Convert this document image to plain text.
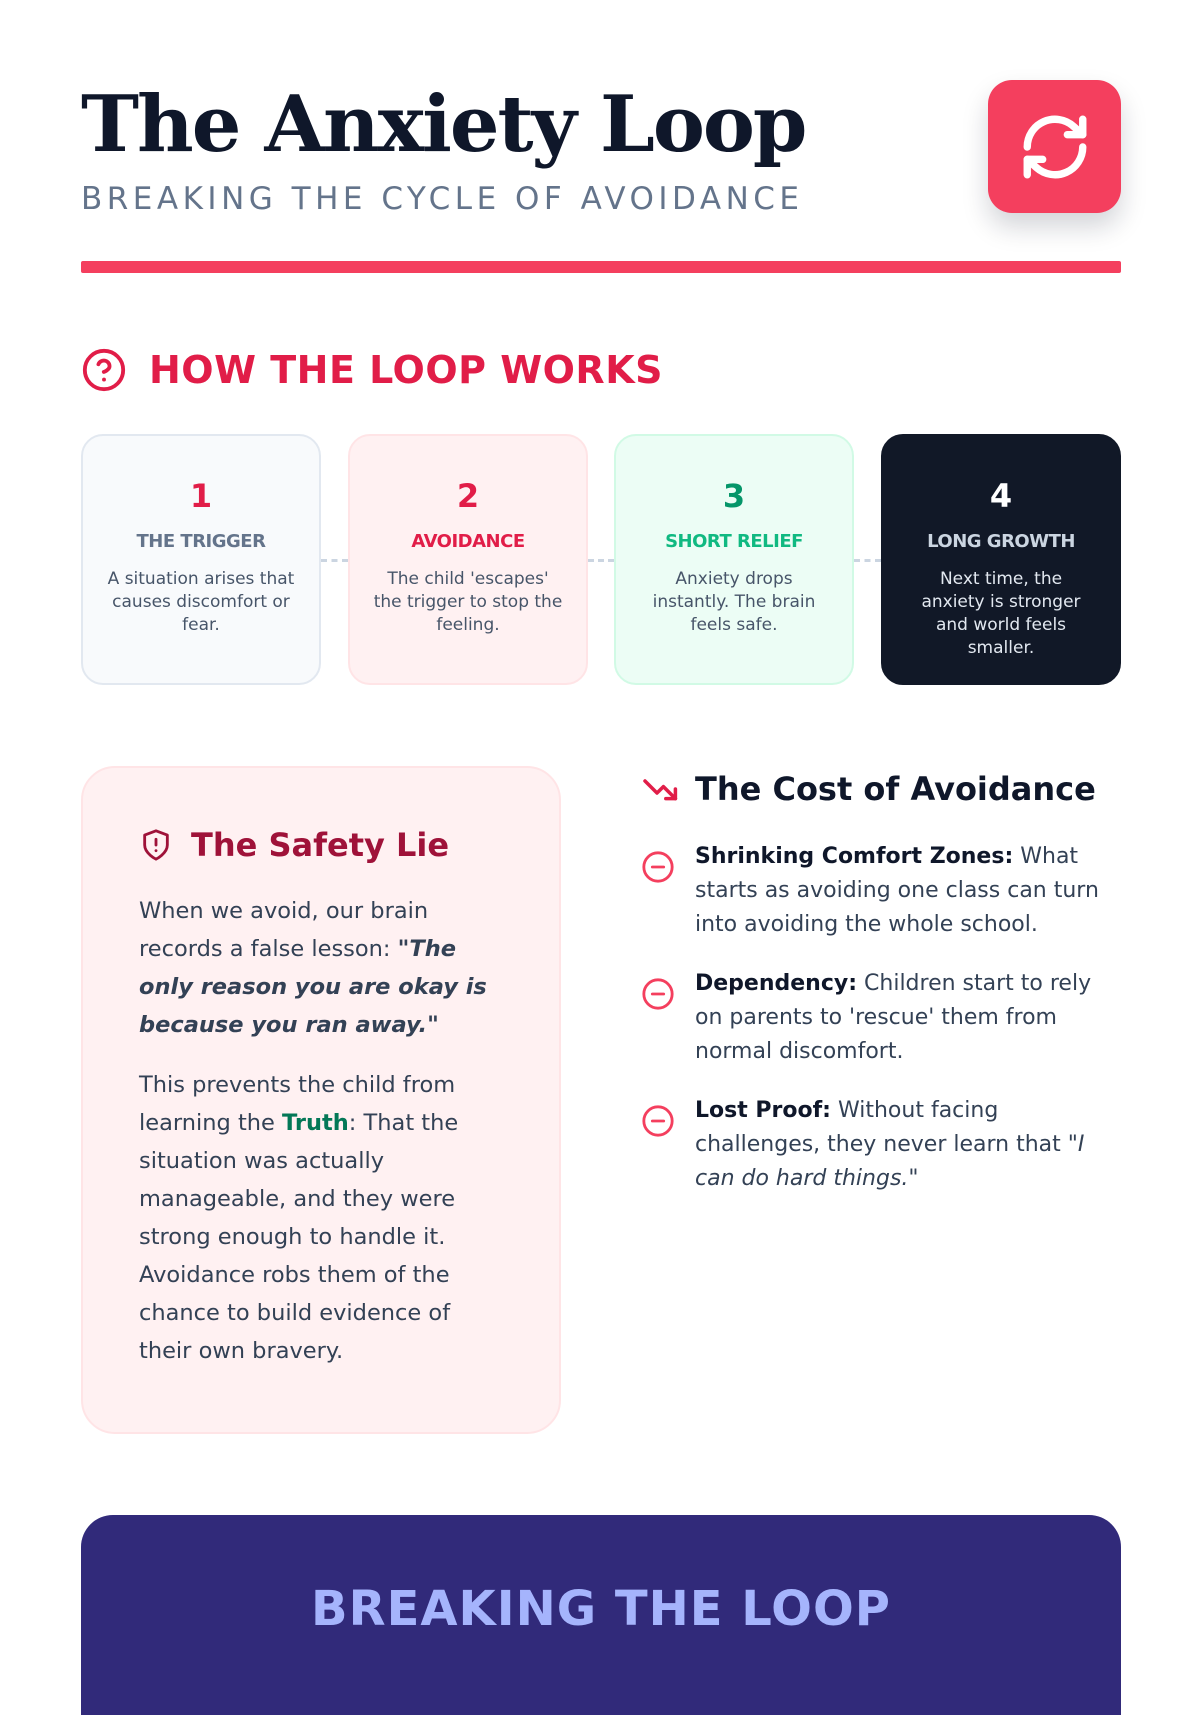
The Anxiety Loop
BREAKING THE CYCLE OF AVOIDANCE
HOW THE LOOP WORKS
1
THE TRIGGER
A situation arises that causes discomfort or fear.
2
AVOIDANCE
The child 'escapes' the trigger to stop the feeling.
3
SHORT RELIEF
Anxiety drops instantly. The brain feels safe.
4
LONG GROWTH
Next time, the anxiety is stronger and world feels smaller.
The Safety Lie

When we avoid, our brain records a false lesson: "The only reason you are okay is because you ran away."

This prevents the child from learning the Truth: That the situation was actually manageable, and they were strong enough to handle it. Avoidance robs them of the chance to build evidence of their own bravery.

The Cost of Avoidance

Shrinking Comfort Zones: What starts as avoiding one class can turn into avoiding the whole school.

Dependency: Children start to rely on parents to 'rescue' them from normal discomfort.

Lost Proof: Without facing challenges, they never learn that "I can do hard things."

BREAKING THE LOOP
